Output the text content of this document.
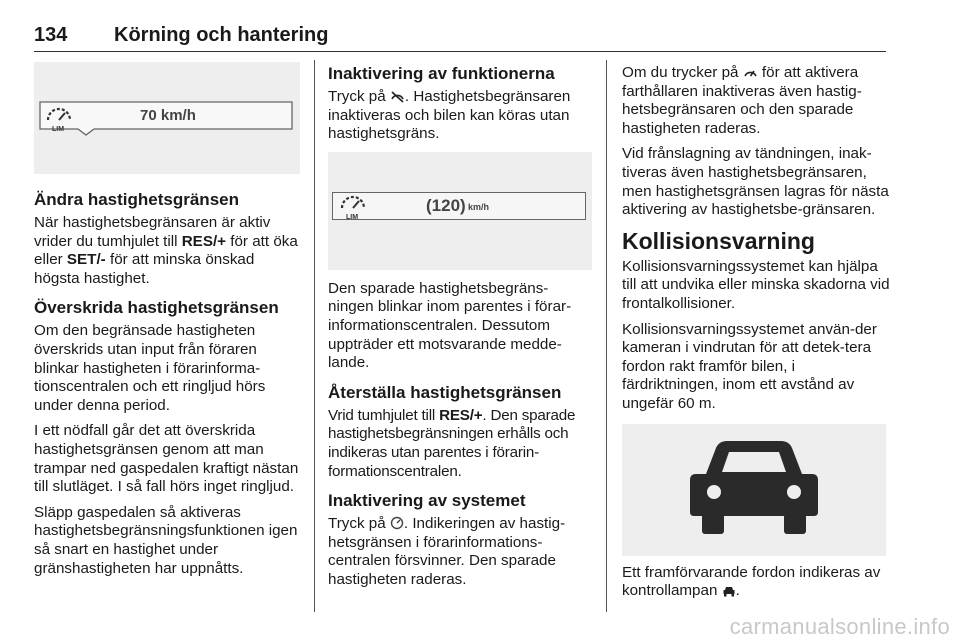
134 Körning och hantering
LIM
70 km/h
Ändra hastighetsgränsen

När hastighetsbegränsaren är aktiv vrider du tumhjulet till RES/+ för att öka eller SET/- för att minska önskad högsta hastighet.

Överskrida hastighetsgränsen

Om den begränsade hastigheten överskrids utan input från föraren blinkar hastigheten i förarinforma-tionscentralen och ett ringljud hörs under denna period.

I ett nödfall går det att överskrida hastighetsgränsen genom att man trampar ned gaspedalen kraftigt nästan till slutläget. I så fall hörs inget ringljud.

Släpp gaspedalen så aktiveras hastighetsbegränsningsfunktionen igen så snart en hastighet under gränshastigheten har uppnåtts.

Inaktivering av funktionerna

Tryck på . Hastighetsbegränsaren inaktiveras och bilen kan köras utan hastighetsgräns.

LIM
(120) km/h

Den sparade hastighetsbegräns-ningen blinkar inom parentes i förar-informationscentralen. Dessutom uppträder ett motsvarande medde-lande.

Återställa hastighetsgränsen

Vrid tumhjulet till RES/+. Den sparade hastighetsbegränsningen erhålls och indikeras utan parentes i förarin-formationscentralen.

Inaktivering av systemet

Tryck på . Indikeringen av hastig-hetsgränsen i förarinformations-centralen försvinner. Den sparade hastigheten raderas.

Om du trycker på  för att aktivera farthållaren inaktiveras även hastig-hetsbegränsaren och den sparade hastigheten raderas.

Vid frånslagning av tändningen, inak-tiveras även hastighetsbegränsaren, men hastighetsgränsen lagras för nästa aktivering av hastighetsbe-gränsaren.

Kollisionsvarning

Kollisionsvarningssystemet kan hjälpa till att undvika eller minska skadorna vid frontalkollisioner.

Kollisionsvarningssystemet använ-der kameran i vindrutan för att detek-tera fordon rakt framför bilen, i färdriktningen, inom ett avstånd av ungefär 60 m.

Ett framförvarande fordon indikeras av kontrollampan .

carmanualsonline.info
